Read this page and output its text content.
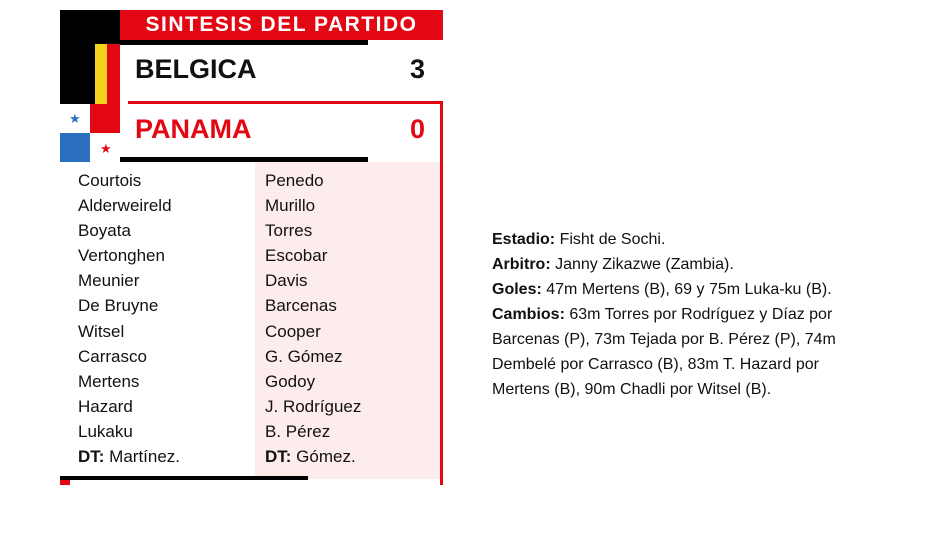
★
★
SINTESIS DEL PARTIDO
BELGICA	3
PANAMA	0
Courtois
Alderweireld
Boyata
Vertonghen
Meunier
De Bruyne
Witsel
Carrasco
Mertens
Hazard
Lukaku
DT: Martínez.
Penedo
Murillo
Torres
Escobar
Davis
Barcenas
Cooper
G. Gómez
Godoy
J. Rodríguez
B. Pérez
DT: Gómez.

Estadio: Fisht de Sochi.

Arbitro: Janny Zikazwe (Zambia).

Goles: 47m Mertens (B), 69 y 75m Luka-ku (B).

Cambios: 63m Torres por Rodríguez y Díaz por Barcenas (P), 73m Tejada por B. Pérez (P), 74m Dembelé por Carrasco (B), 83m T. Hazard por Mertens (B), 90m Chadli por Witsel (B).
